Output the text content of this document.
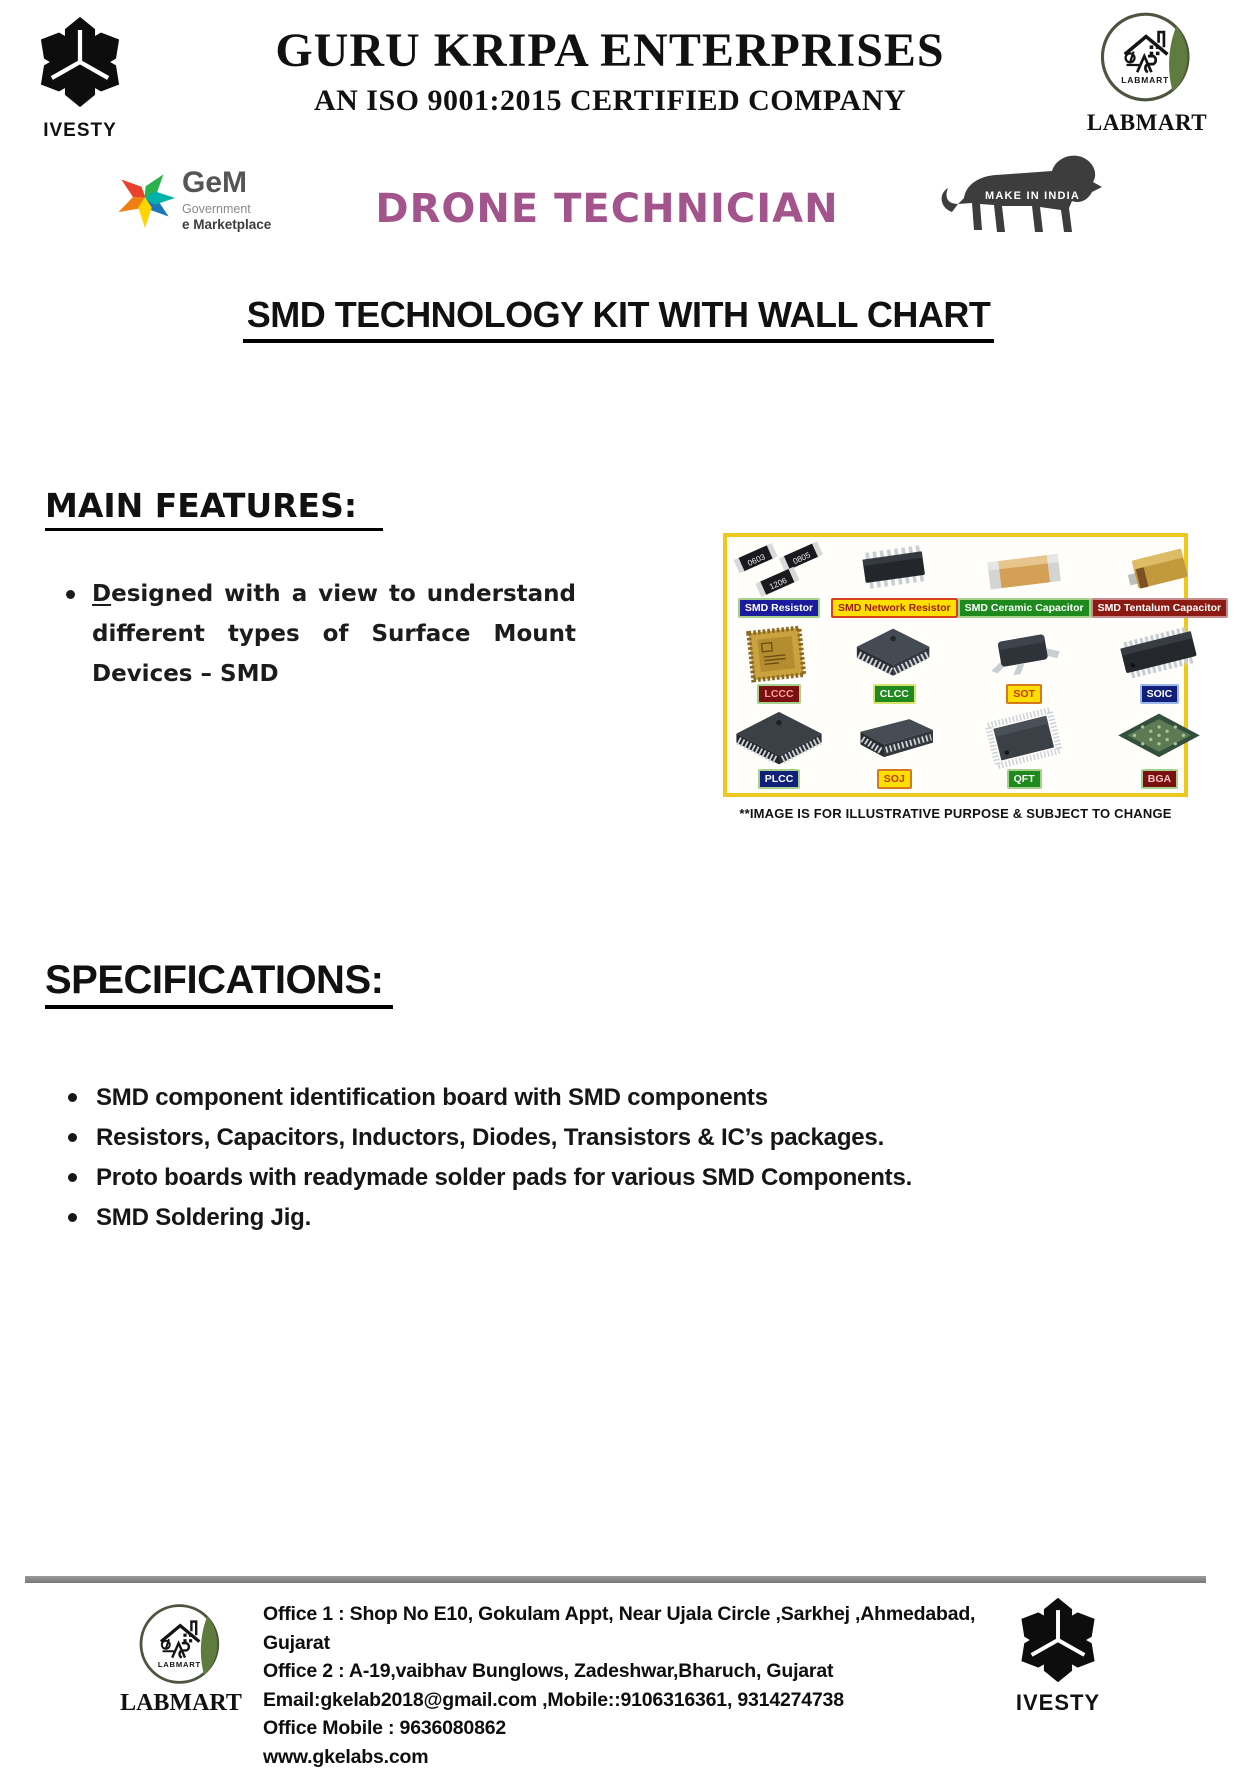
IVESTY
GURU KRIPA ENTERPRISES
AN ISO 9001:2015 CERTIFIED COMPANY
LABMART
GeM
Government
e Marketplace	DRONE TECHNICIAN	MAKE IN INDIA
SMD TECHNOLOGY KIT WITH WALL CHART
MAIN FEATURES:
Designed with a view to understand different types of Surface Mount Devices – SMD
0603	0805
1206
SMD Resistor	SMD Network Resistor	SMD Ceramic Capacitor	SMD Tentalum Capacitor
LCCC	CLCC	SOT	SOIC
PLCC	SOJ	QFT	BGA
**IMAGE IS FOR ILLUSTRATIVE PURPOSE & SUBJECT TO CHANGE
SPECIFICATIONS:
SMD component identification board with SMD components
Resistors, Capacitors, Inductors, Diodes, Transistors & IC’s packages.
Proto boards with readymade solder pads for various SMD Components.
SMD Soldering Jig.
LABMART
Office 1 : Shop No E10, Gokulam Appt, Near Ujala Circle ,Sarkhej ,Ahmedabad, Gujarat
Office 2 : A-19,vaibhav Bunglows, Zadeshwar,Bharuch, Gujarat
Email:gkelab2018@gmail.com ,Mobile::9106316361, 9314274738
Office Mobile : 9636080862
www.gkelabs.com
IVESTY
